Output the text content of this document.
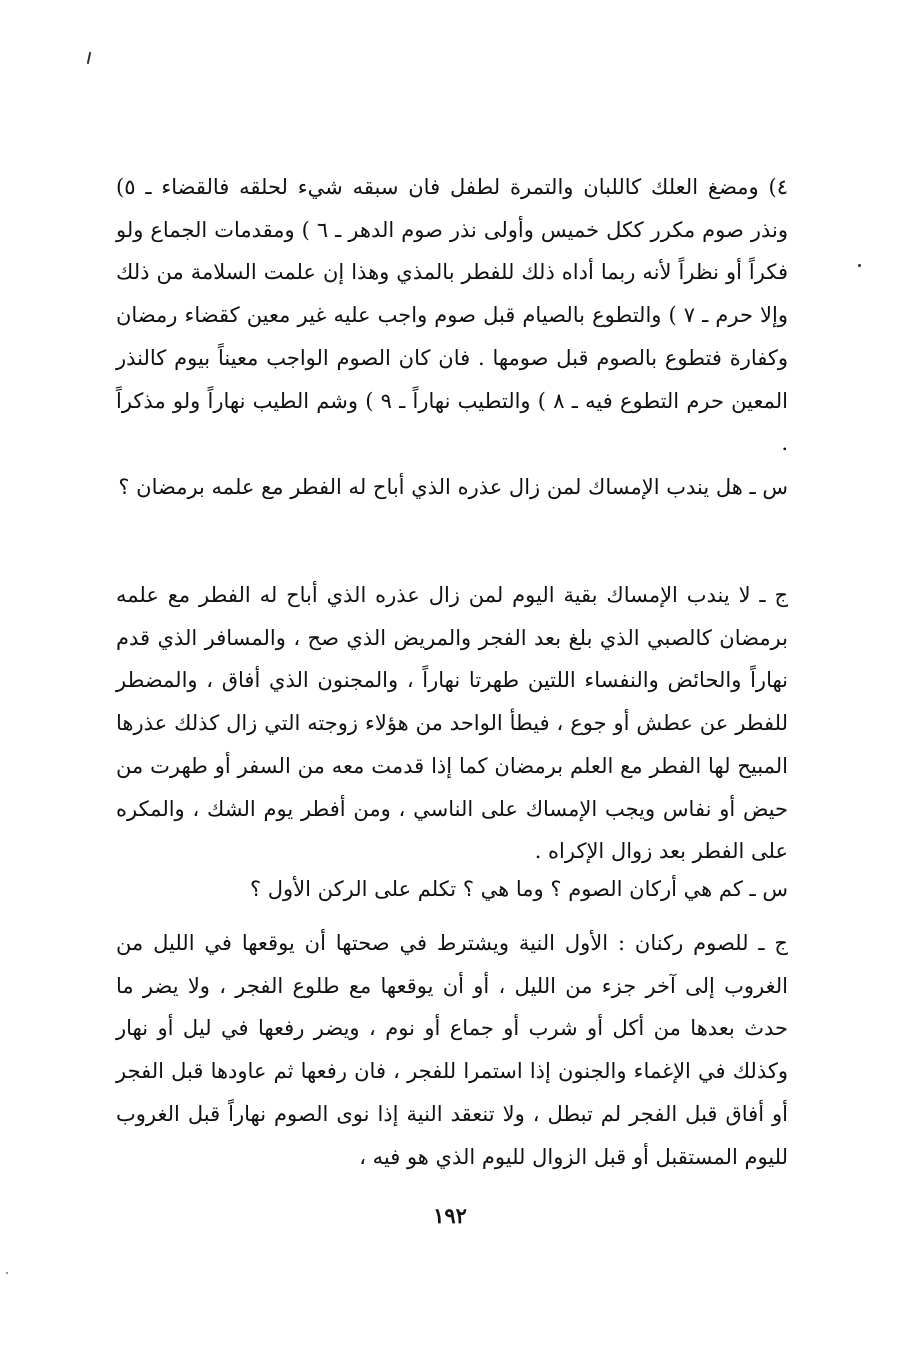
٤) ومضغ العلك كاللبان والتمرة لطفل فان سبقه شيء لحلقه فالقضاء ـ ٥) ونذر صوم مكرر ككل خميس وأولى نذر صوم الدهر ـ ٦ ) ومقدمات الجماع ولو فكراً أو نظراً لأنه ربما أداه ذلك للفطر بالمذي وهذا إن علمت السلامة من ذلك وإلا حرم ـ ٧ ) والتطوع بالصيام قبل صوم واجب عليه غير معين كقضاء رمضان وكفارة فتطوع بالصوم قبل صومها . فان كان الصوم الواجب معيناً بيوم كالنذر المعين حرم التطوع فيه ـ ٨ ) والتطيب نهاراً ـ ٩ ) وشم الطيب نهاراً ولو مذكراً .

س ـ هل يندب الإمساك لمن زال عذره الذي أباح له الفطر مع علمه برمضان ؟

ج ـ لا يندب الإمساك بقية اليوم لمن زال عذره الذي أباح له الفطر مع علمه برمضان كالصبي الذي بلغ بعد الفجر والمريض الذي صح ، والمسافر الذي قدم نهاراً والحائض والنفساء اللتين طهرتا نهاراً ، والمجنون الذي أفاق ، والمضطر للفطر عن عطش أو جوع ، فيطأ الواحد من هؤلاء زوجته التي زال كذلك عذرها المبيح لها الفطر مع العلم برمضان كما إذا قدمت معه من السفر أو طهرت من حيض أو نفاس ويجب الإمساك على الناسي ، ومن أفطر يوم الشك ، والمكره على الفطر بعد زوال الإكراه .

س ـ كم هي أركان الصوم ؟ وما هي ؟ تكلم على الركن الأول ؟

ج ـ للصوم ركنان : الأول النية ويشترط في صحتها أن يوقعها في الليل من الغروب إلى آخر جزء من الليل ، أو أن يوقعها مع طلوع الفجر ، ولا يضر ما حدث بعدها من أكل أو شرب أو جماع أو نوم ، ويضر رفعها في ليل أو نهار وكذلك في الإغماء والجنون إذا استمرا للفجر ، فان رفعها ثم عاودها قبل الفجر أو أفاق قبل الفجر لم تبطل ، ولا تنعقد النية إذا نوى الصوم نهاراً قبل الغروب لليوم المستقبل أو قبل الزوال لليوم الذي هو فيه ،

١٩٢
